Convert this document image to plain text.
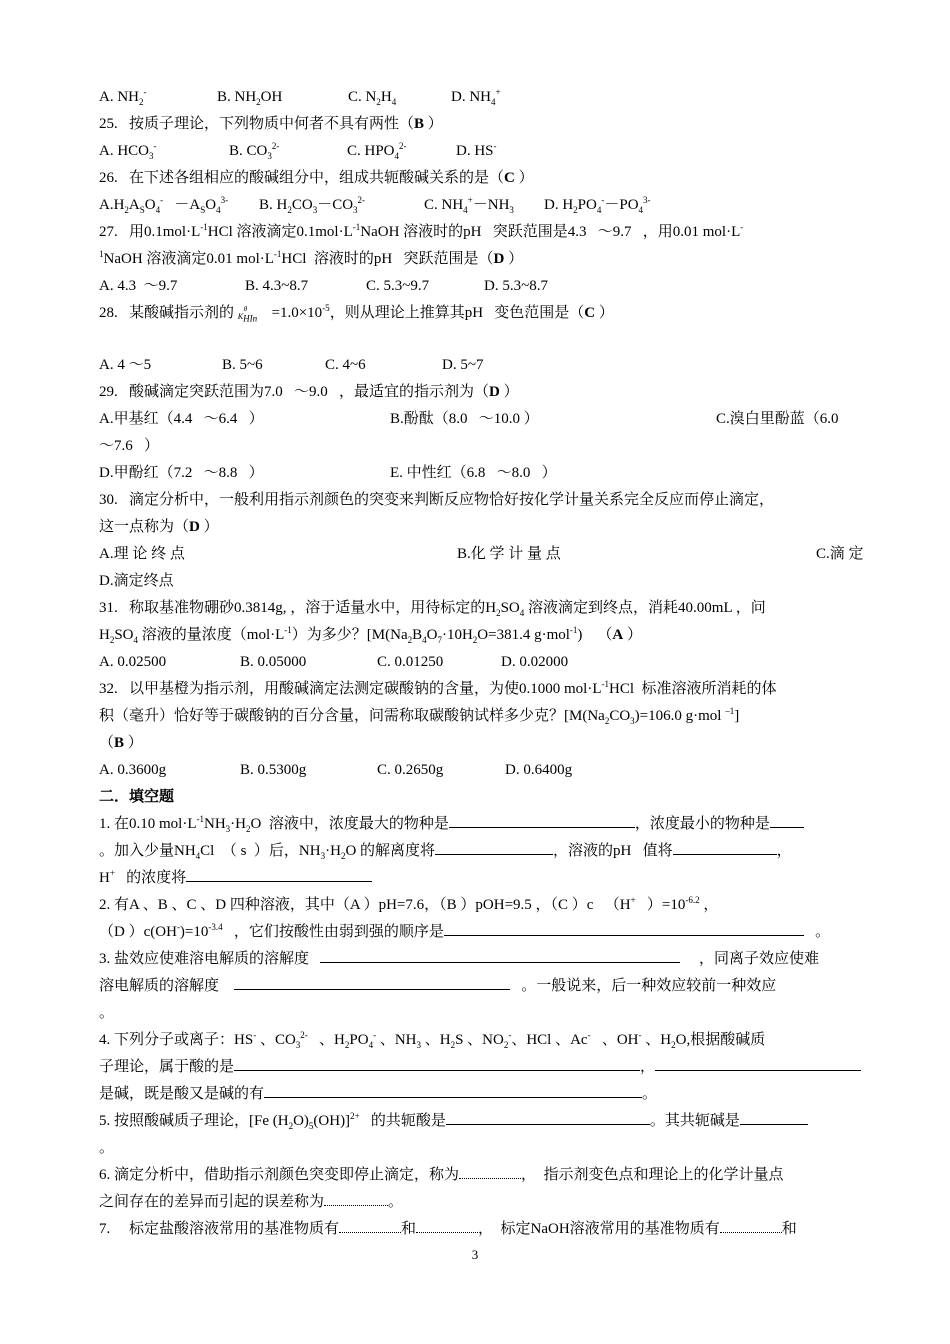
A. $NH_2^-$	B. $NH_2OH$	C. $N_2H_4$	D. $NH_4^+$
25.   按质子理论，下列物质中何者不具有两性（B ）
A. $HCO_3^-$	B. $CO_3^{2-}$	C. $HPO_4^{2-}$	D. HS-
26.   在下述各组相应的酸碱组分中，组成共轭酸碱关系的是（C ）
$A.H_2A_SO_4^- -A_SO_4^{3-}$ B. $H_2CO_3-CO_3^{2-}$	C. $NH_4^+-NH_3$ D. $H_2PO_4^--PO_4^{3-}$
27.   用$0.1mol\cdot L^{-1}HCl$ 溶液滴定$0.1mol\cdot L^{-1}NaOH$ 溶液时的pH   突跃范围是4.3   ～9.7   ，用0.01 mol·L-
$^1$NaOH 溶液滴定0.01 $mol\cdot L^{-1}HCl$  溶液时的pH   突跃范围是（D ）
A. 4.3  ～9.7	B. 4.3~8.7	C. 5.3~9.7	D. 5.3~8.7
28.   某酸碱指示剂的 θ
$K_{HIn} =1.0\times 10^{-5}$，则从理论上推算其pH   变色范围是（C ）
A. 4 ～5	B. 5~6	C. 4~6	D. 5~7
29.   酸碱滴定突跃范围为7.0   ～9.0   ，最适宜的指示剂为（D ）
A.甲基红（4.4   ～6.4   ）	B.酚酞（8.0   ～10.0 ）	C.溴白里酚蓝（6.0
～7.6   ）
D.甲酚红（7.2   ～8.8   ）	E. 中性红（6.8   ～8.0   ）
30.   滴定分析中，一般利用指示剂颜色的突变来判断反应物恰好按化学计量关系完全反应而停止滴定，
这一点称为（D ）
A.理 论 终 点	B.化 学 计 量 点	C.滴 定
D.滴定终点
31.   称取基准物硼砂0.3814g, ，溶于适量水中，用待标定的$H_2SO_4$ 溶液滴定到终点，消耗40.00mL ，问
$H_2SO_4$ 溶液的量浓度$(mol\cdot L^{-1})$为多少？[$M(Na_2B_4O_7\cdot 10H_2O=381.4$ g·mol$^{-1}$)    （A ）
A. 0.02500	B. 0.05000	C. 0.01250	D. 0.02000
32.   以甲基橙为指示剂，用酸碱滴定法测定碳酸钠的含量，为使0.1000 $mol\cdot L^{-1}HCl$  标准溶液所消耗的体
积（毫升）恰好等于碳酸钠的百分含量，问需称取碳酸钠试样多少克？[$M(Na_2CO_3)=106.0$ g·mol $^{-1}$]
（B ）
A. 0.3600g	B. 0.5300g	C. 0.2650g	D. 0.6400g
二．填空题
1. 在0.10 $mol\cdot L^{-1}NH_3\cdot H_2O$  溶液中，浓度最大的物种是	，浓度最小的物种是
。加入少量$NH_4Cl$  （ s  ）后，$NH_3\cdot H_2O$ 的解离度将	，溶液的pH   值将	，
H+   的浓度将
2. 有A 、B 、C 、D 四种溶液，其中（A ）pH=7.6，（B ）pOH=9.5 ，（C ）c   （H+   ）$=10^{-6.2}$ ，
（D ）$c(OH^-)=10^{-3.4}$   ，它们按酸性由弱到强的顺序是	。
3. 盐效应使难溶电解质的溶解度	，同离子效应使难
溶电解质的溶解度	。一般说来，后一种效应较前一种效应
。
4. 下列分子或离子：HS- 、$CO_3^{2-}$   、$H_2PO_4^-$ 、$NH_3$ 、$H_2S$ 、$NO_2^-$、HCl 、Ac-   、OH- 、$H_2O$,根据酸碱质
子理论，属于酸的是	，
是碱，既是酸又是碱的有	。
5. 按照酸碱质子理论，[Fe $(H_2O)_5(OH)]^{2+}$   的共轭酸是	。其共轭碱是
。
6. 滴定分析中，借助指示剂颜色突变即停止滴定，称为	，  指示剂变色点和理论上的化学计量点
之间存在的差异而引起的误差称为	。
7.     标定盐酸溶液常用的基准物质有	和	，  标定NaOH溶液常用的基准物质有	和
3
